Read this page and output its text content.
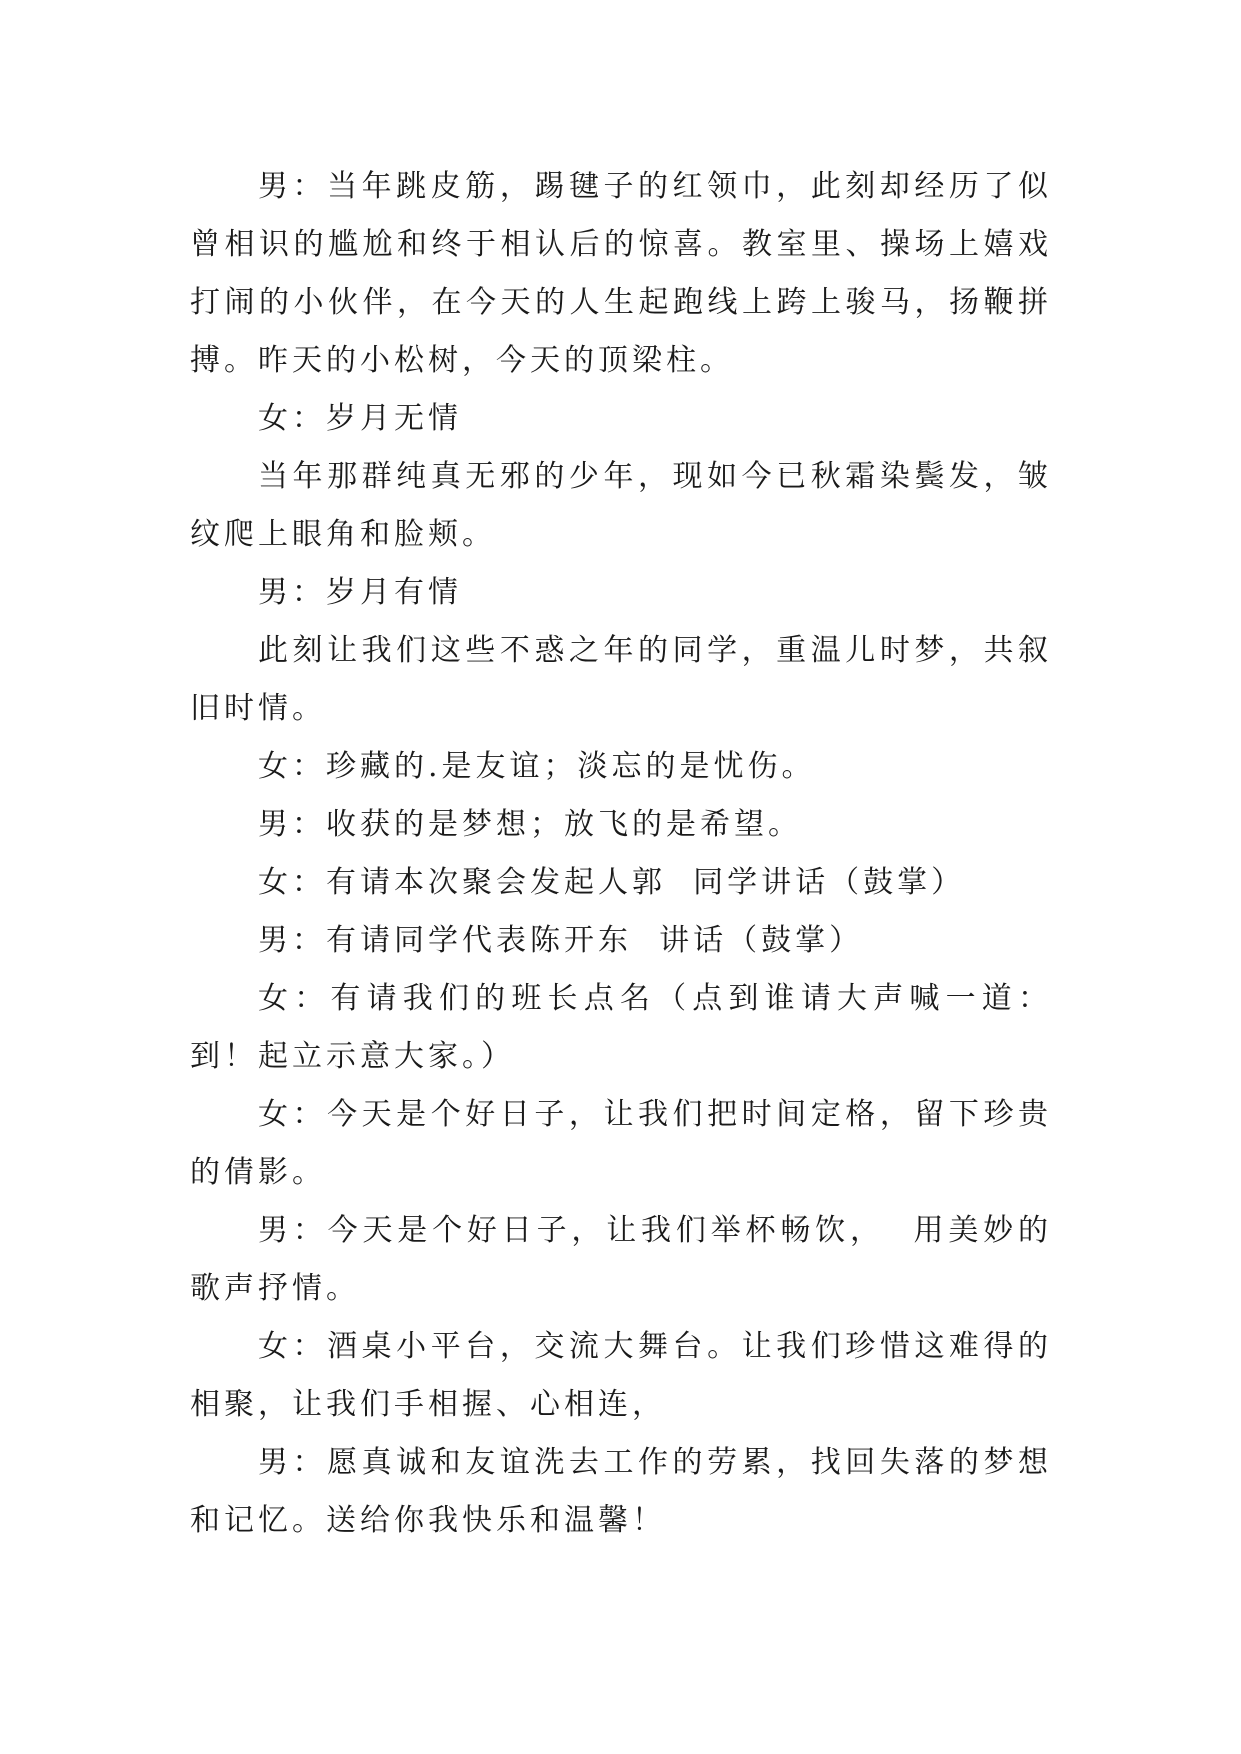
男：当年跳皮筋，踢毽子的红领巾，此刻却经历了似曾相识的尴尬和终于相认后的惊喜。教室里、操场上嬉戏打闹的小伙伴，在今天的人生起跑线上跨上骏马，扬鞭拼搏。昨天的小松树，今天的顶梁柱。

女：岁月无情

当年那群纯真无邪的少年，现如今已秋霜染鬓发，皱纹爬上眼角和脸颊。

男：岁月有情

此刻让我们这些不惑之年的同学，重温儿时梦，共叙旧时情。

女：珍藏的.是友谊；淡忘的是忧伤。

男：收获的是梦想；放飞的是希望。

女：有请本次聚会发起人郭  同学讲话（鼓掌）

男：有请同学代表陈开东  讲话（鼓掌）

女：有请我们的班长点名（点到谁请大声喊一道：到！起立示意大家。）

女：今天是个好日子，让我们把时间定格，留下珍贵的倩影。

男：今天是个好日子，让我们举杯畅饮，  用美妙的歌声抒情。

女：酒桌小平台，交流大舞台。让我们珍惜这难得的相聚，让我们手相握、心相连，

男：愿真诚和友谊洗去工作的劳累，找回失落的梦想和记忆。送给你我快乐和温馨！
